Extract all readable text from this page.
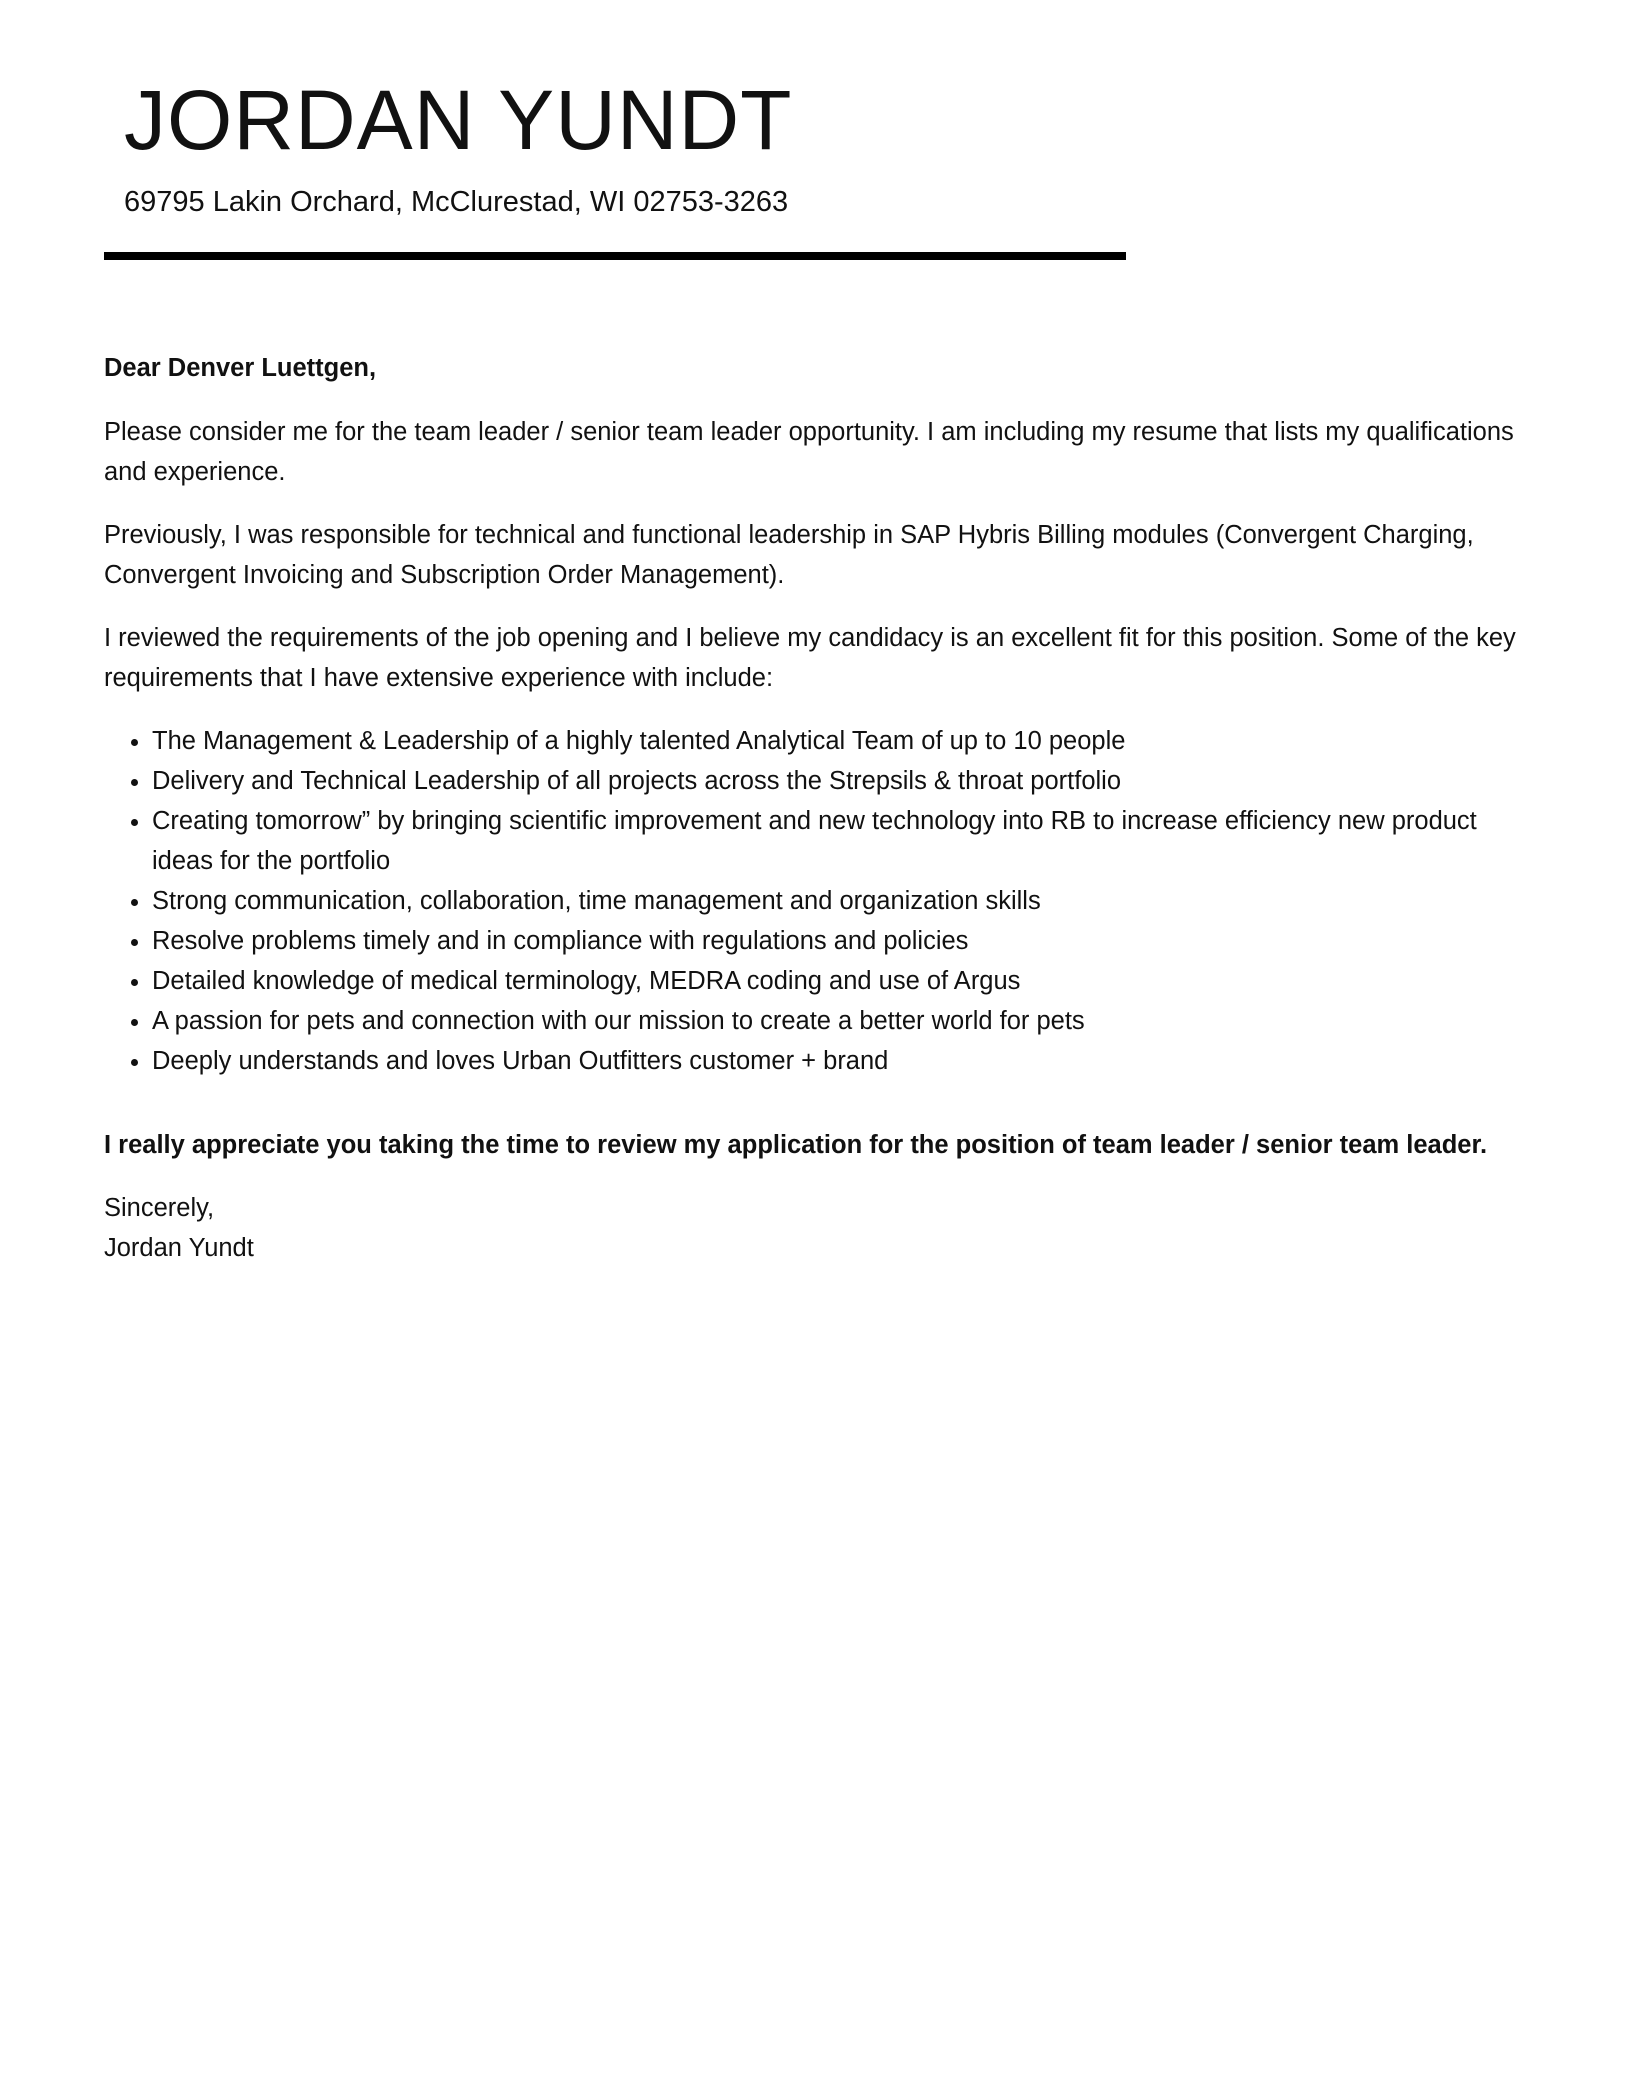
JORDAN YUNDT

69795 Lakin Orchard, McClurestad, WI 02753-3263

Dear Denver Luettgen,

Please consider me for the team leader / senior team leader opportunity. I am including my resume that lists my qualifications and experience.

Previously, I was responsible for technical and functional leadership in SAP Hybris Billing modules (Convergent Charging, Convergent Invoicing and Subscription Order Management).

I reviewed the requirements of the job opening and I believe my candidacy is an excellent fit for this position. Some of the key requirements that I have extensive experience with include:

• The Management & Leadership of a highly talented Analytical Team of up to 10 people
• Delivery and Technical Leadership of all projects across the Strepsils & throat portfolio
• Creating tomorrow” by bringing scientific improvement and new technology into RB to increase efficiency new product ideas for the portfolio
• Strong communication, collaboration, time management and organization skills
• Resolve problems timely and in compliance with regulations and policies
• Detailed knowledge of medical terminology, MEDRA coding and use of Argus
• A passion for pets and connection with our mission to create a better world for pets
• Deeply understands and loves Urban Outfitters customer + brand

I really appreciate you taking the time to review my application for the position of team leader / senior team leader.

Sincerely,

Jordan Yundt
